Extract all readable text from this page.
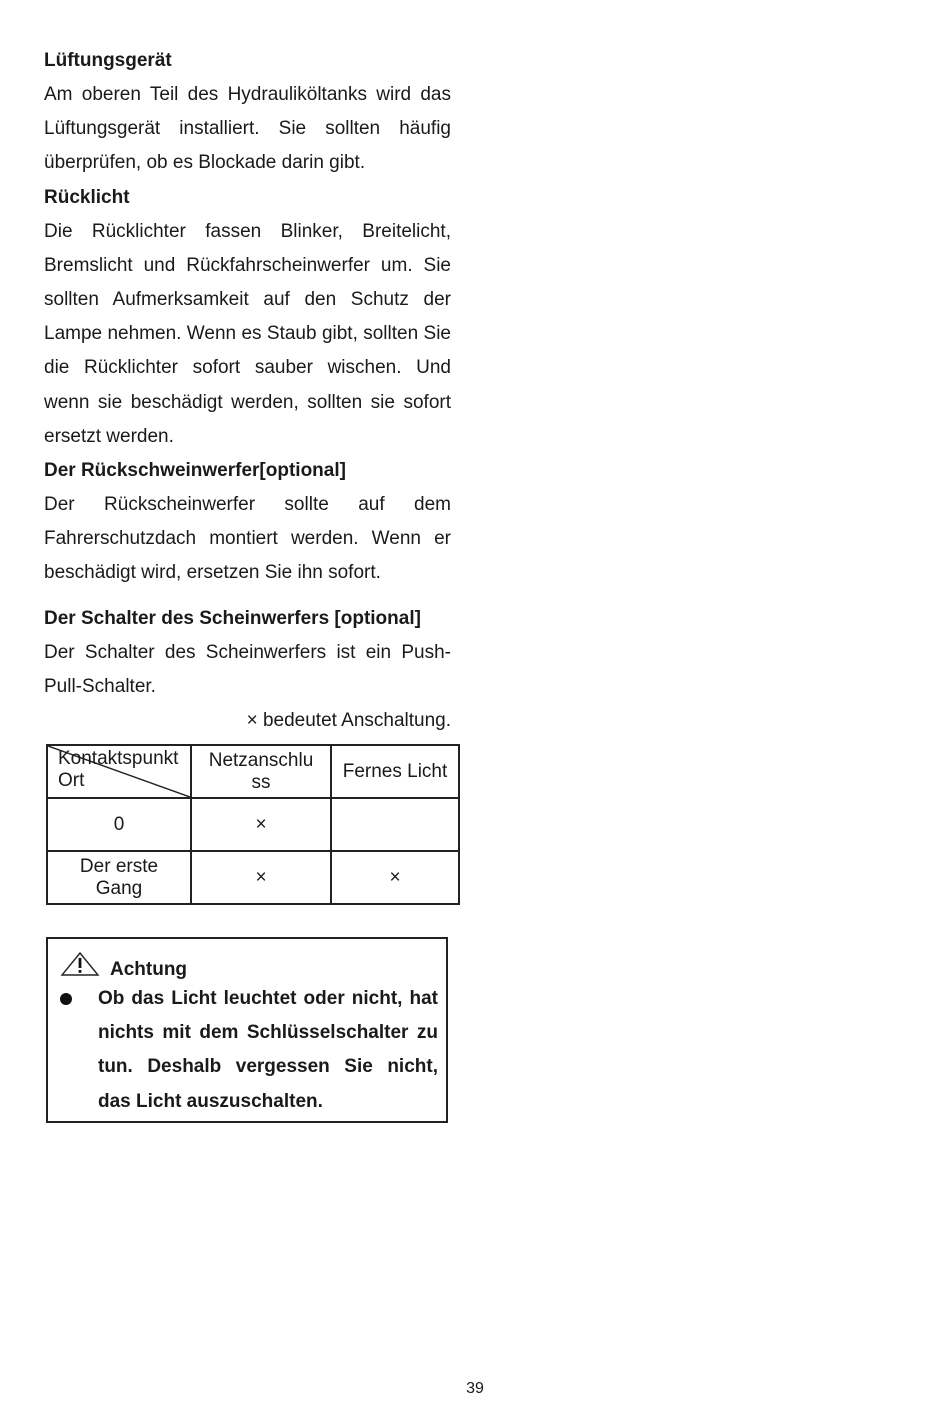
Lüftungsgerät
Am oberen Teil des Hydrauliköltanks wird das Lüftungsgerät installiert. Sie sollten häufig überprüfen, ob es Blockade darin gibt.
Rücklicht
Die Rücklichter fassen Blinker, Breitelicht, Bremslicht und Rückfahrscheinwerfer um. Sie sollten Aufmerksamkeit auf den Schutz der Lampe nehmen. Wenn es Staub gibt, sollten Sie die Rücklichter sofort sauber wischen. Und wenn sie beschädigt werden, sollten sie sofort ersetzt werden.
Der Rückschweinwerfer[optional]
Der Rückscheinwerfer sollte auf dem Fahrerschutzdach montiert werden. Wenn er beschädigt wird, ersetzen Sie ihn sofort.
Der Schalter des Scheinwerfers [optional]
Der Schalter des Scheinwerfers ist ein Push-Pull-Schalter.
× bedeutet Anschaltung.
Kontaktspunkt
Ort	Netzanschlu ss	Fernes Licht
0	×	
Der erste Gang	×	×
Achtung
Ob das Licht leuchtet oder nicht, hat nichts mit dem Schlüsselschalter zu tun. Deshalb vergessen Sie nicht, das Licht auszuschalten.
39
